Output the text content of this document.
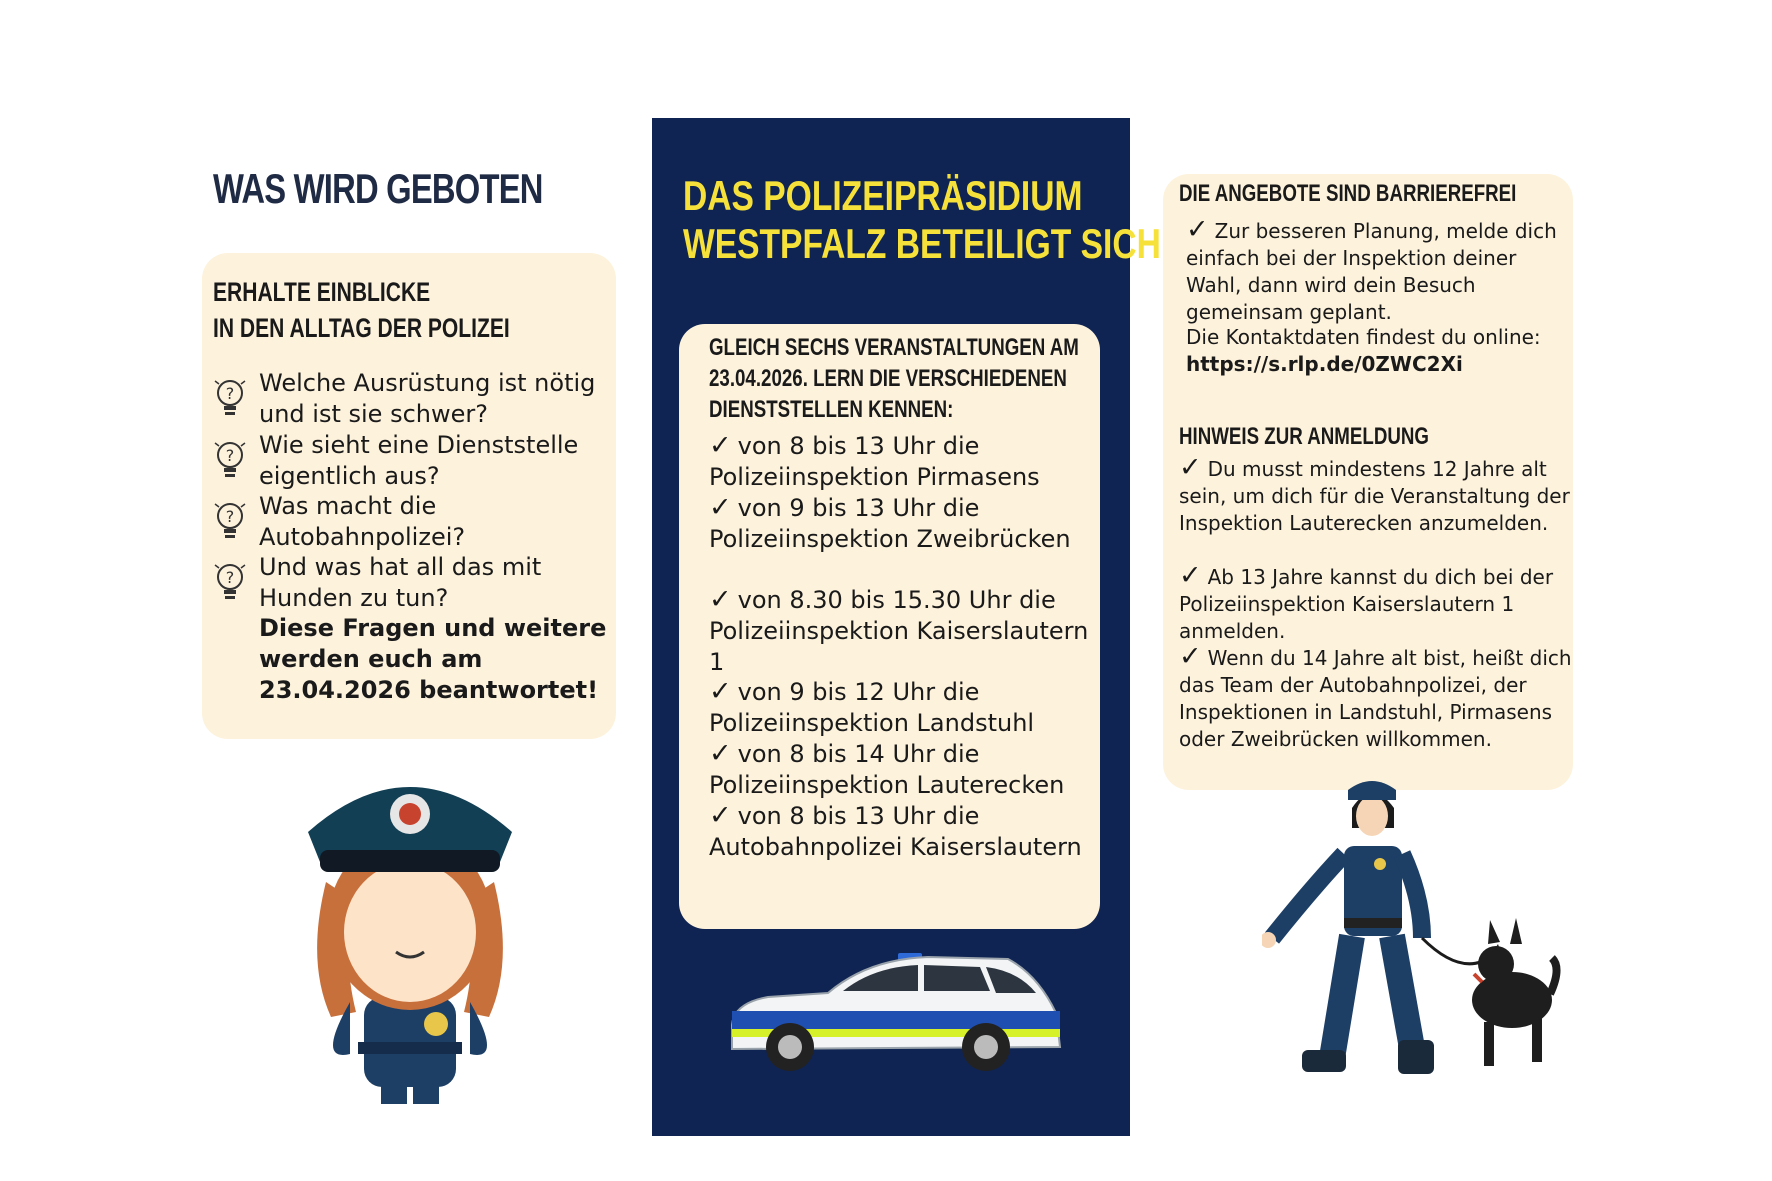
WAS WIRD GEBOTEN
ERHALTE EINBLICKE
IN DEN ALLTAG DER POLIZEI
? Welche Ausrüstung ist nötig und ist sie schwer?
? Wie sieht eine Dienststelle eigentlich aus?
? Was macht die Autobahnpolizei?
? Und was hat all das mit Hunden zu tun?
Diese Fragen und weitere werden euch am 23.04.2026 beantwortet!
DAS POLIZEIPRÄSIDIUM
WESTPFALZ BETEILIGT SICH
GLEICH SECHS VERANSTALTUNGEN AM
23.04.2026. LERN DIE VERSCHIEDENEN
DIENSTSTELLEN KENNEN:
✓ von 8 bis 13 Uhr die Polizeiinspektion Pirmasens
✓ von 9 bis 13 Uhr die Polizeiinspektion Zweibrücken
✓ von 8.30 bis 15.30 Uhr die Polizeiinspektion Kaiserslautern 1
✓ von 9 bis 12 Uhr die Polizeiinspektion Landstuhl
✓ von 8 bis 14 Uhr die Polizeiinspektion Lauterecken
✓ von 8 bis 13 Uhr die Autobahnpolizei Kaiserslautern
DIE ANGEBOTE SIND BARRIEREFREI
✓ Zur besseren Planung, melde dich einfach bei der Inspektion deiner Wahl, dann wird dein Besuch gemeinsam geplant.
Die Kontaktdaten findest du online:
https://s.rlp.de/0ZWC2Xi
HINWEIS ZUR ANMELDUNG
✓ Du musst mindestens 12 Jahre alt sein, um dich für die Veranstaltung der Inspektion Lauterecken anzumelden.
✓ Ab 13 Jahre kannst du dich bei der Polizeiinspektion Kaiserslautern 1 anmelden.
✓ Wenn du 14 Jahre alt bist, heißt dich das Team der Autobahnpolizei, der Inspektionen in Landstuhl, Pirmasens oder Zweibrücken willkommen.
